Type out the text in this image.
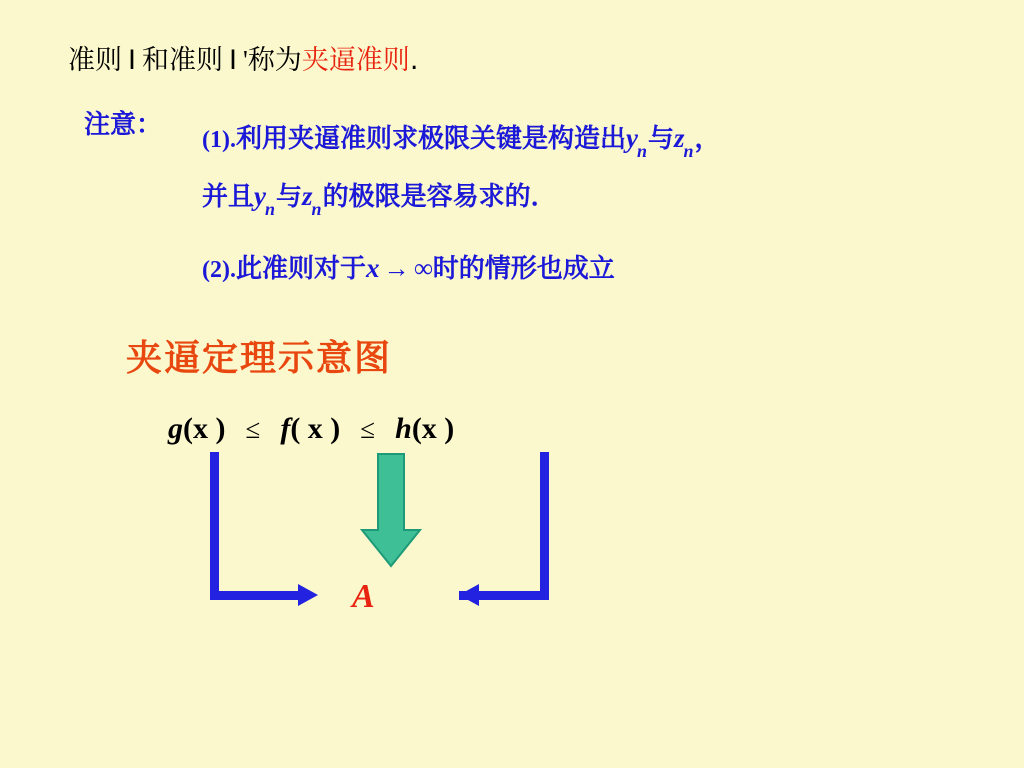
准则 Ⅰ 和准则 Ⅰ '称为夹逼准则.
注意： (1).利用夹逼准则求极限关键是构造出$y_n$与$z_n$，
并且$y_n$与$z_n$的极限是容易求的．
(2).此准则对于x → ∞时的情形也成立
夹逼定理示意图
g(x ) ≤ f( x ) ≤ h(x )
A
